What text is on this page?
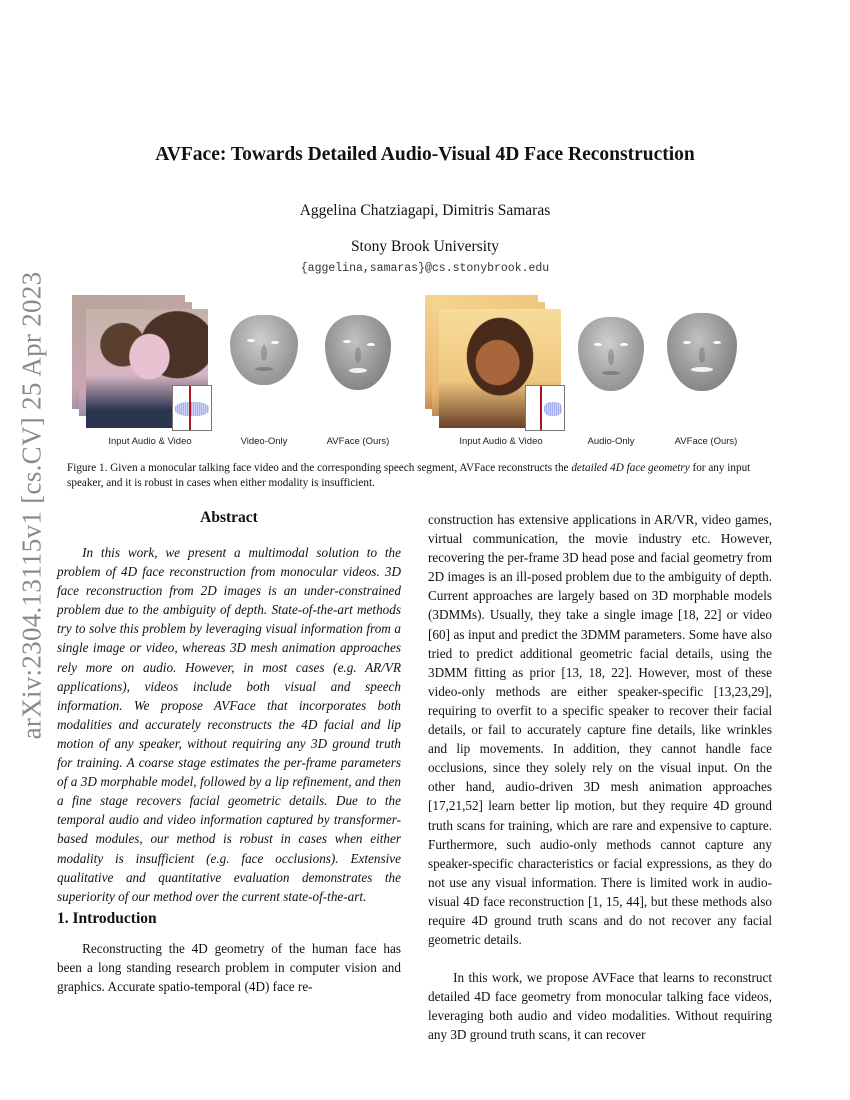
arXiv:2304.13115v1 [cs.CV] 25 Apr 2023
AVFace: Towards Detailed Audio-Visual 4D Face Reconstruction
Aggelina Chatziagapi, Dimitris Samaras
Stony Brook University
{aggelina,samaras}@cs.stonybrook.edu
Input Audio & Video	Video-Only	AVFace (Ours)	Input Audio & Video	Audio-Only	AVFace (Ours)
Figure 1. Given a monocular talking face video and the corresponding speech segment, AVFace reconstructs the detailed 4D face geometry for any input speaker, and it is robust in cases when either modality is insufficient.
Abstract

In this work, we present a multimodal solution to the problem of 4D face reconstruction from monocular videos. 3D face reconstruction from 2D images is an under-constrained problem due to the ambiguity of depth. State-of-the-art methods try to solve this problem by leveraging visual information from a single image or video, whereas 3D mesh animation approaches rely more on audio. However, in most cases (e.g. AR/VR applications), videos include both visual and speech information. We propose AVFace that incorporates both modalities and accurately reconstructs the 4D facial and lip motion of any speaker, without requiring any 3D ground truth for training. A coarse stage estimates the per-frame parameters of a 3D morphable model, followed by a lip refinement, and then a fine stage recovers facial geometric details. Due to the temporal audio and video information captured by transformer-based modules, our method is robust in cases when either modality is insufficient (e.g. face occlusions). Extensive qualitative and quantitative evaluation demonstrates the superiority of our method over the current state-of-the-art.

1. Introduction

Reconstructing the 4D geometry of the human face has been a long standing research problem in computer vision and graphics. Accurate spatio-temporal (4D) face re-

construction has extensive applications in AR/VR, video games, virtual communication, the movie industry etc. However, recovering the per-frame 3D head pose and facial geometry from 2D images is an ill-posed problem due to the ambiguity of depth. Current approaches are largely based on 3D morphable models (3DMMs). Usually, they take a single image [18, 22] or video [60] as input and predict the 3DMM parameters. Some have also tried to predict additional geometric facial details, using the 3DMM fitting as prior [13, 18, 22]. However, most of these video-only methods are either speaker-specific [13,23,29], requiring to overfit to a specific speaker to recover their facial details, or fail to accurately capture fine details, like wrinkles and lip movements. In addition, they cannot handle face occlusions, since they solely rely on the visual input. On the other hand, audio-driven 3D mesh animation approaches [17,21,52] learn better lip motion, but they require 4D ground truth scans for training, which are rare and expensive to capture. Furthermore, such audio-only methods cannot capture any speaker-specific characteristics or facial expressions, as they do not use any visual information. There is limited work in audio-visual 4D face reconstruction [1, 15, 44], but these methods also require 4D ground truth scans and do not recover any facial geometric details.

In this work, we propose AVFace that learns to reconstruct detailed 4D face geometry from monocular talking face videos, leveraging both audio and video modalities. Without requiring any 3D ground truth scans, it can recover
